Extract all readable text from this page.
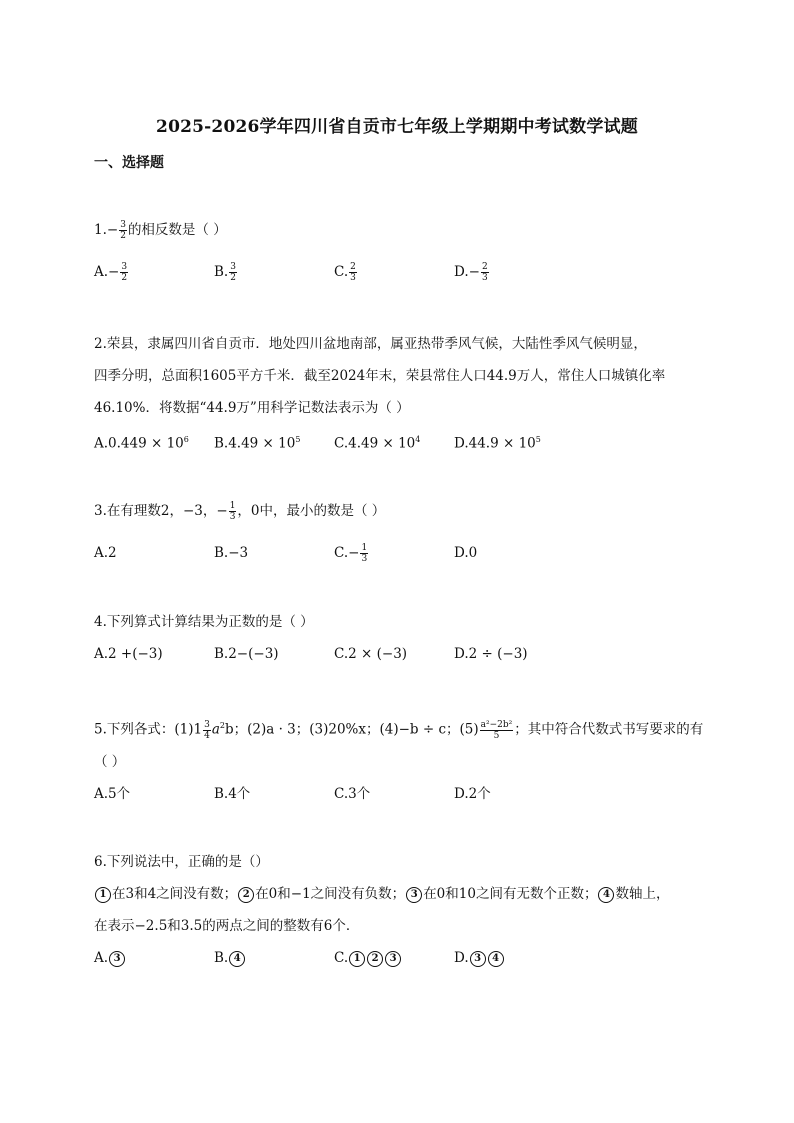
2025-2026学年四川省自贡市七年级上学期期中考试数学试题
一、选择题
$1.- \frac{3}{2}$ 的相反数是（ ）
$A.- \frac{3}{2}$	B. $\frac{3}{2}$	C. $\frac{2}{3}$	$D.- \frac{2}{3}$
2.荣县，隶属四川省自贡市．地处四川盆地南部，属亚热带季风气候，大陆性季风气候明显，
四季分明，总面积1605平方千米．截至2024年末，荣县常住人口44.9万人，常住人口城镇化率
46.10%．将数据“44.9万”用科学记数法表示为（ ）
$A.0.449 \times 10^6$ $B.4.49 \times 10^5$ $C.4.49 \times 10^4$ $D.44.9 \times 10^5$
3.在有理数2，−3，− $\frac{1}{3}$ ，0中，最小的数是（ ）
A.2	B.−3	$C.- \frac{1}{3}$	D.0
4.下列算式计算结果为正数的是（ ）
A.2 +(−3)	B.2−(−3)	C.2 × (−3)	D.2 ÷ (−3)
5.下列各式：$(1)1 \frac{3}{4} a^2b$；(2)a · 3；(3)20%x；(4)−b ÷ c；$(5) \frac{\text{a²−2b²}}{5}$ ；其中符合代数式书写要求的有
（ ）
A.5个	B.4个	C.3个	D.2个
6.下列说法中，正确的是（）
1 在3和4之间没有数； 2 在0和−1之间没有负数； 3 在0和10之间有无数个正数； 4 数轴上，
在表示−2.5和3.5的两点之间的整数有6个．
A. 3	B. 4	C. 1 2 3	D. 3 4
